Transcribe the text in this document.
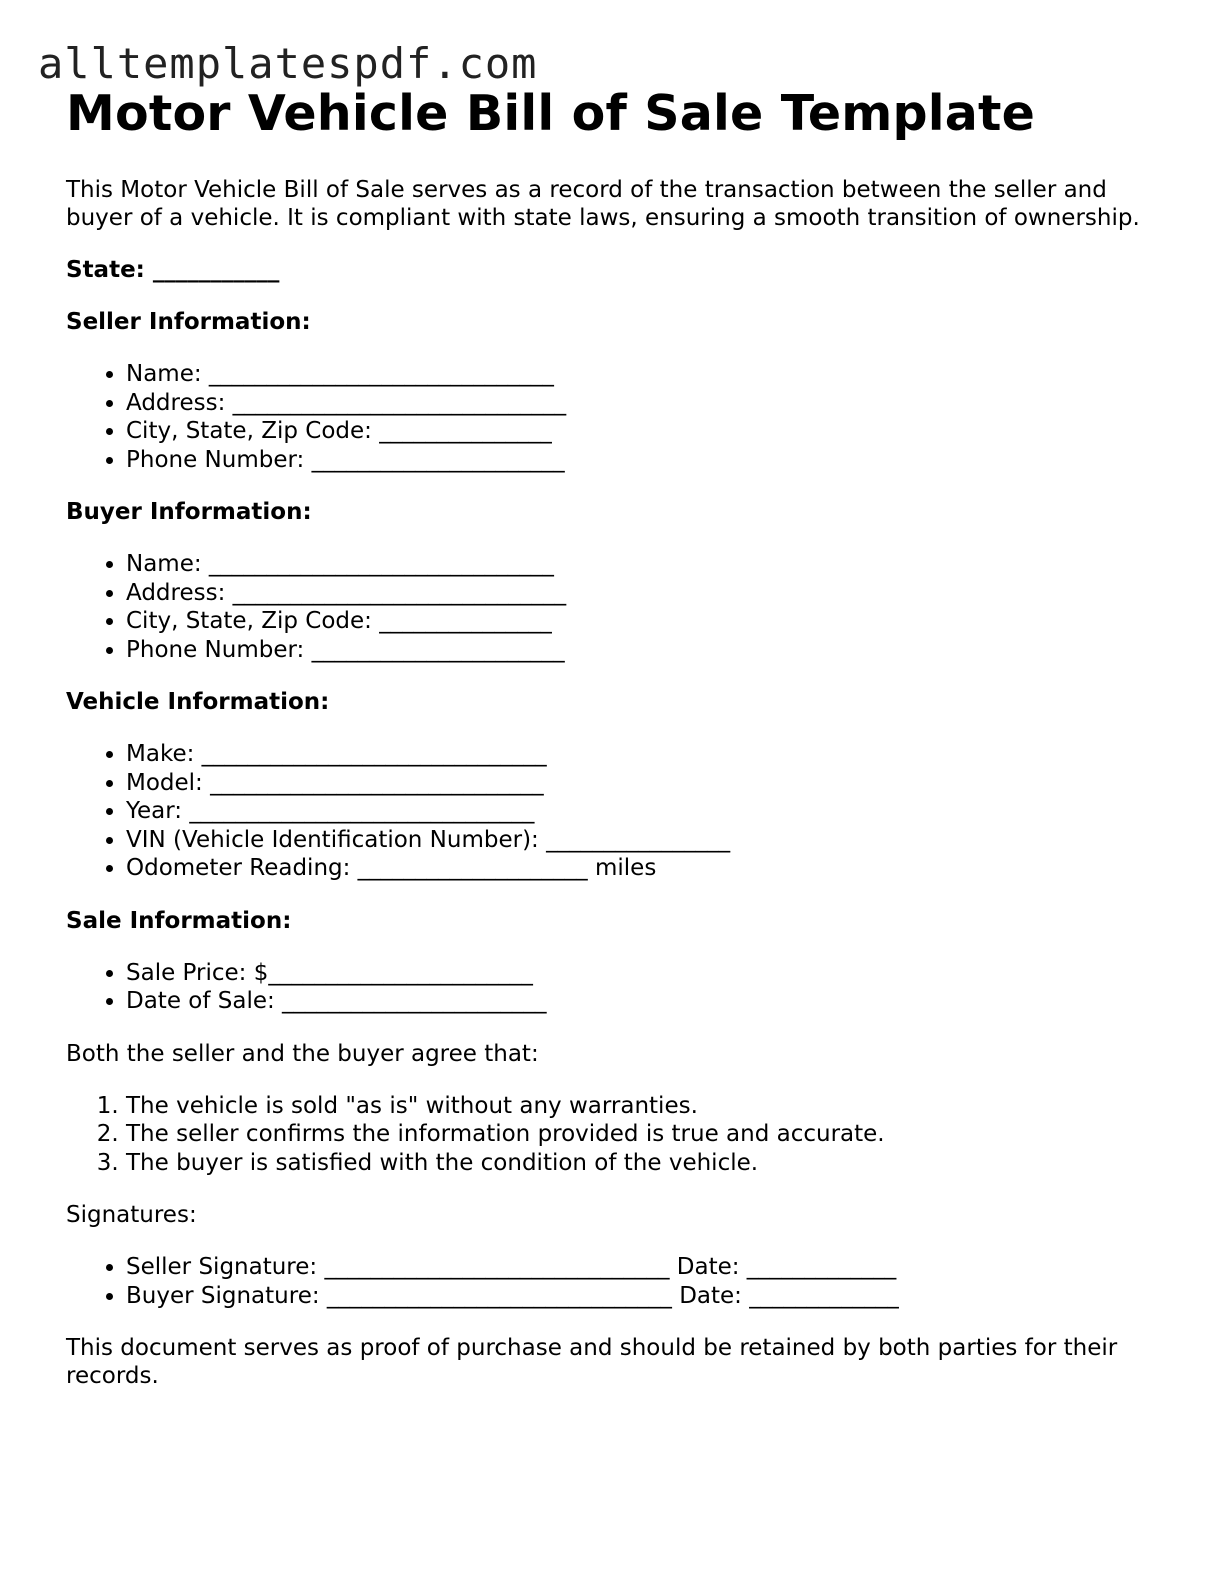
alltemplatespdf.com
Motor Vehicle Bill of Sale Template

This Motor Vehicle Bill of Sale serves as a record of the transaction between the seller and buyer of a vehicle. It is compliant with state laws, ensuring a smooth transition of ownership.

State: ___________

Seller Information:

• Name: ______________________________
• Address: _____________________________
• City, State, Zip Code: _______________
• Phone Number: ______________________

Buyer Information:

• Name: ______________________________
• Address: _____________________________
• City, State, Zip Code: _______________
• Phone Number: ______________________

Vehicle Information:

• Make: ______________________________
• Model: _____________________________
• Year: ______________________________
• VIN (Vehicle Identification Number): ________________
• Odometer Reading: ____________________ miles

Sale Information:

• Sale Price: $_______________________
• Date of Sale: _______________________

Both the seller and the buyer agree that:

1. The vehicle is sold "as is" without any warranties.
2. The seller confirms the information provided is true and accurate.
3. The buyer is satisfied with the condition of the vehicle.

Signatures:

• Seller Signature: ______________________________ Date: _____________
• Buyer Signature: ______________________________ Date: _____________

This document serves as proof of purchase and should be retained by both parties for their records.
